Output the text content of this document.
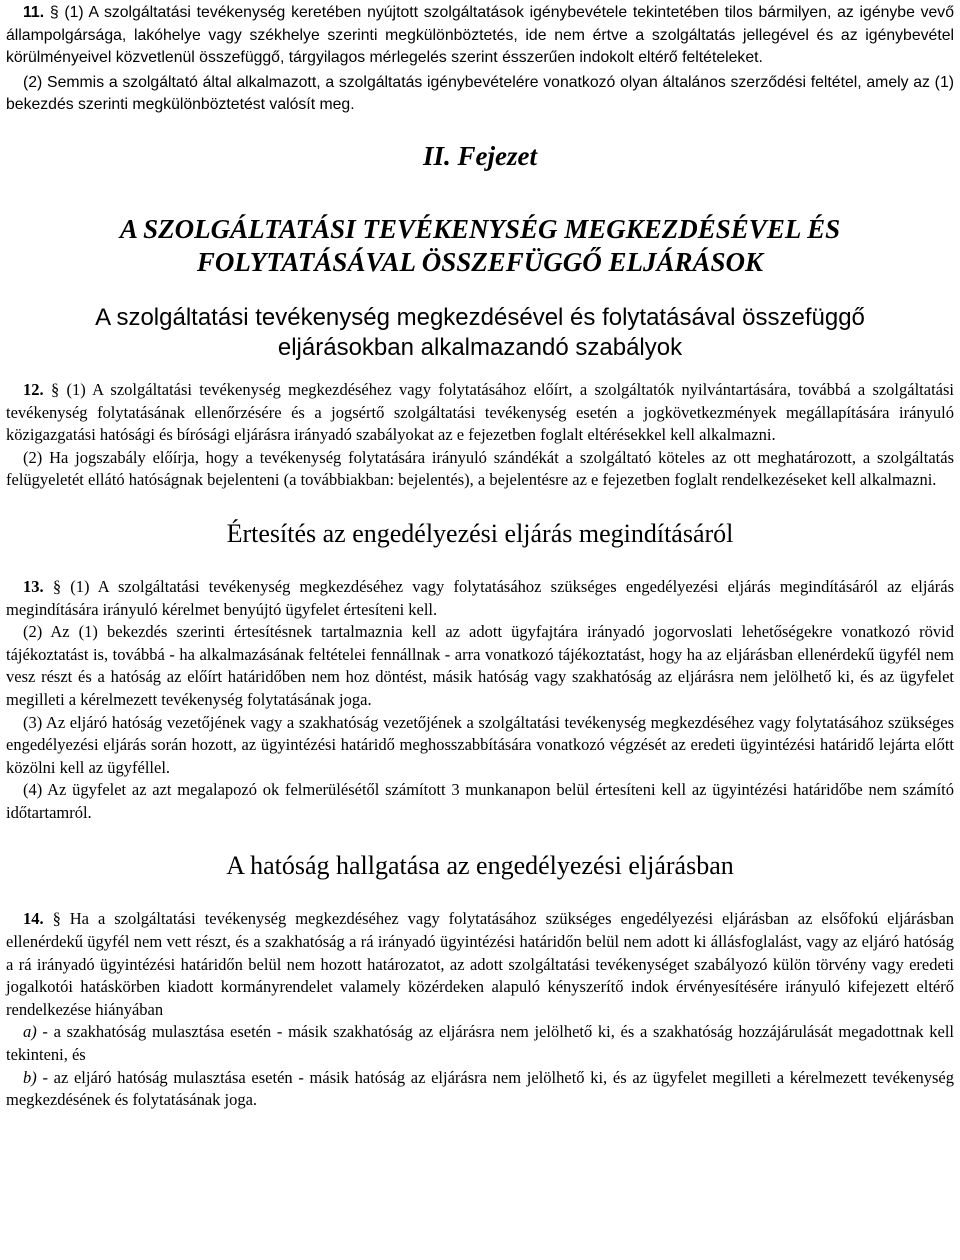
11. § (1) A szolgáltatási tevékenység keretében nyújtott szolgáltatások igénybevétele tekintetében tilos bármilyen, az igénybe vevő állampolgársága, lakóhelye vagy székhelye szerinti megkülönböztetés, ide nem értve a szolgáltatás jellegével és az igénybevétel körülményeivel közvetlenül összefüggő, tárgyilagos mérlegelés szerint ésszerűen indokolt eltérő feltételeket.

(2) Semmis a szolgáltató által alkalmazott, a szolgáltatás igénybevételére vonatkozó olyan általános szerződési feltétel, amely az (1) bekezdés szerinti megkülönböztetést valósít meg.

II. Fejezet
A SZOLGÁLTATÁSI TEVÉKENYSÉG MEGKEZDÉSÉVEL ÉS FOLYTATÁSÁVAL ÖSSZEFÜGGŐ ELJÁRÁSOK
A szolgáltatási tevékenység megkezdésével és folytatásával összefüggő eljárásokban alkalmazandó szabályok

12. § (1) A szolgáltatási tevékenység megkezdéséhez vagy folytatásához előírt, a szolgáltatók nyilvántartására, továbbá a szolgáltatási tevékenység folytatásának ellenőrzésére és a jogsértő szolgáltatási tevékenység esetén a jogkövetkezmények megállapítására irányuló közigazgatási hatósági és bírósági eljárásra irányadó szabályokat az e fejezetben foglalt eltérésekkel kell alkalmazni.

(2) Ha jogszabály előírja, hogy a tevékenység folytatására irányuló szándékát a szolgáltató köteles az ott meghatározott, a szolgáltatás felügyeletét ellátó hatóságnak bejelenteni (a továbbiakban: bejelentés), a bejelentésre az e fejezetben foglalt rendelkezéseket kell alkalmazni.

Értesítés az engedélyezési eljárás megindításáról

13. § (1) A szolgáltatási tevékenység megkezdéséhez vagy folytatásához szükséges engedélyezési eljárás megindításáról az eljárás megindítására irányuló kérelmet benyújtó ügyfelet értesíteni kell.

(2) Az (1) bekezdés szerinti értesítésnek tartalmaznia kell az adott ügyfajtára irányadó jogorvoslati lehetőségekre vonatkozó rövid tájékoztatást is, továbbá - ha alkalmazásának feltételei fennállnak - arra vonatkozó tájékoztatást, hogy ha az eljárásban ellenérdekű ügyfél nem vesz részt és a hatóság az előírt határidőben nem hoz döntést, másik hatóság vagy szakhatóság az eljárásra nem jelölhető ki, és az ügyfelet megilleti a kérelmezett tevékenység folytatásának joga.

(3) Az eljáró hatóság vezetőjének vagy a szakhatóság vezetőjének a szolgáltatási tevékenység megkezdéséhez vagy folytatásához szükséges engedélyezési eljárás során hozott, az ügyintézési határidő meghosszabbítására vonatkozó végzését az eredeti ügyintézési határidő lejárta előtt közölni kell az ügyféllel.

(4) Az ügyfelet az azt megalapozó ok felmerülésétől számított 3 munkanapon belül értesíteni kell az ügyintézési határidőbe nem számító időtartamról.

A hatóság hallgatása az engedélyezési eljárásban

14. § Ha a szolgáltatási tevékenység megkezdéséhez vagy folytatásához szükséges engedélyezési eljárásban az elsőfokú eljárásban ellenérdekű ügyfél nem vett részt, és a szakhatóság a rá irányadó ügyintézési határidőn belül nem adott ki állásfoglalást, vagy az eljáró hatóság a rá irányadó ügyintézési határidőn belül nem hozott határozatot, az adott szolgáltatási tevékenységet szabályozó külön törvény vagy eredeti jogalkotói hatáskörben kiadott kormányrendelet valamely közérdeken alapuló kényszerítő indok érvényesítésére irányuló kifejezett eltérő rendelkezése hiányában

a) - a szakhatóság mulasztása esetén - másik szakhatóság az eljárásra nem jelölhető ki, és a szakhatóság hozzájárulását megadottnak kell tekinteni, és

b) - az eljáró hatóság mulasztása esetén - másik hatóság az eljárásra nem jelölhető ki, és az ügyfelet megilleti a kérelmezett tevékenység megkezdésének és folytatásának joga.
